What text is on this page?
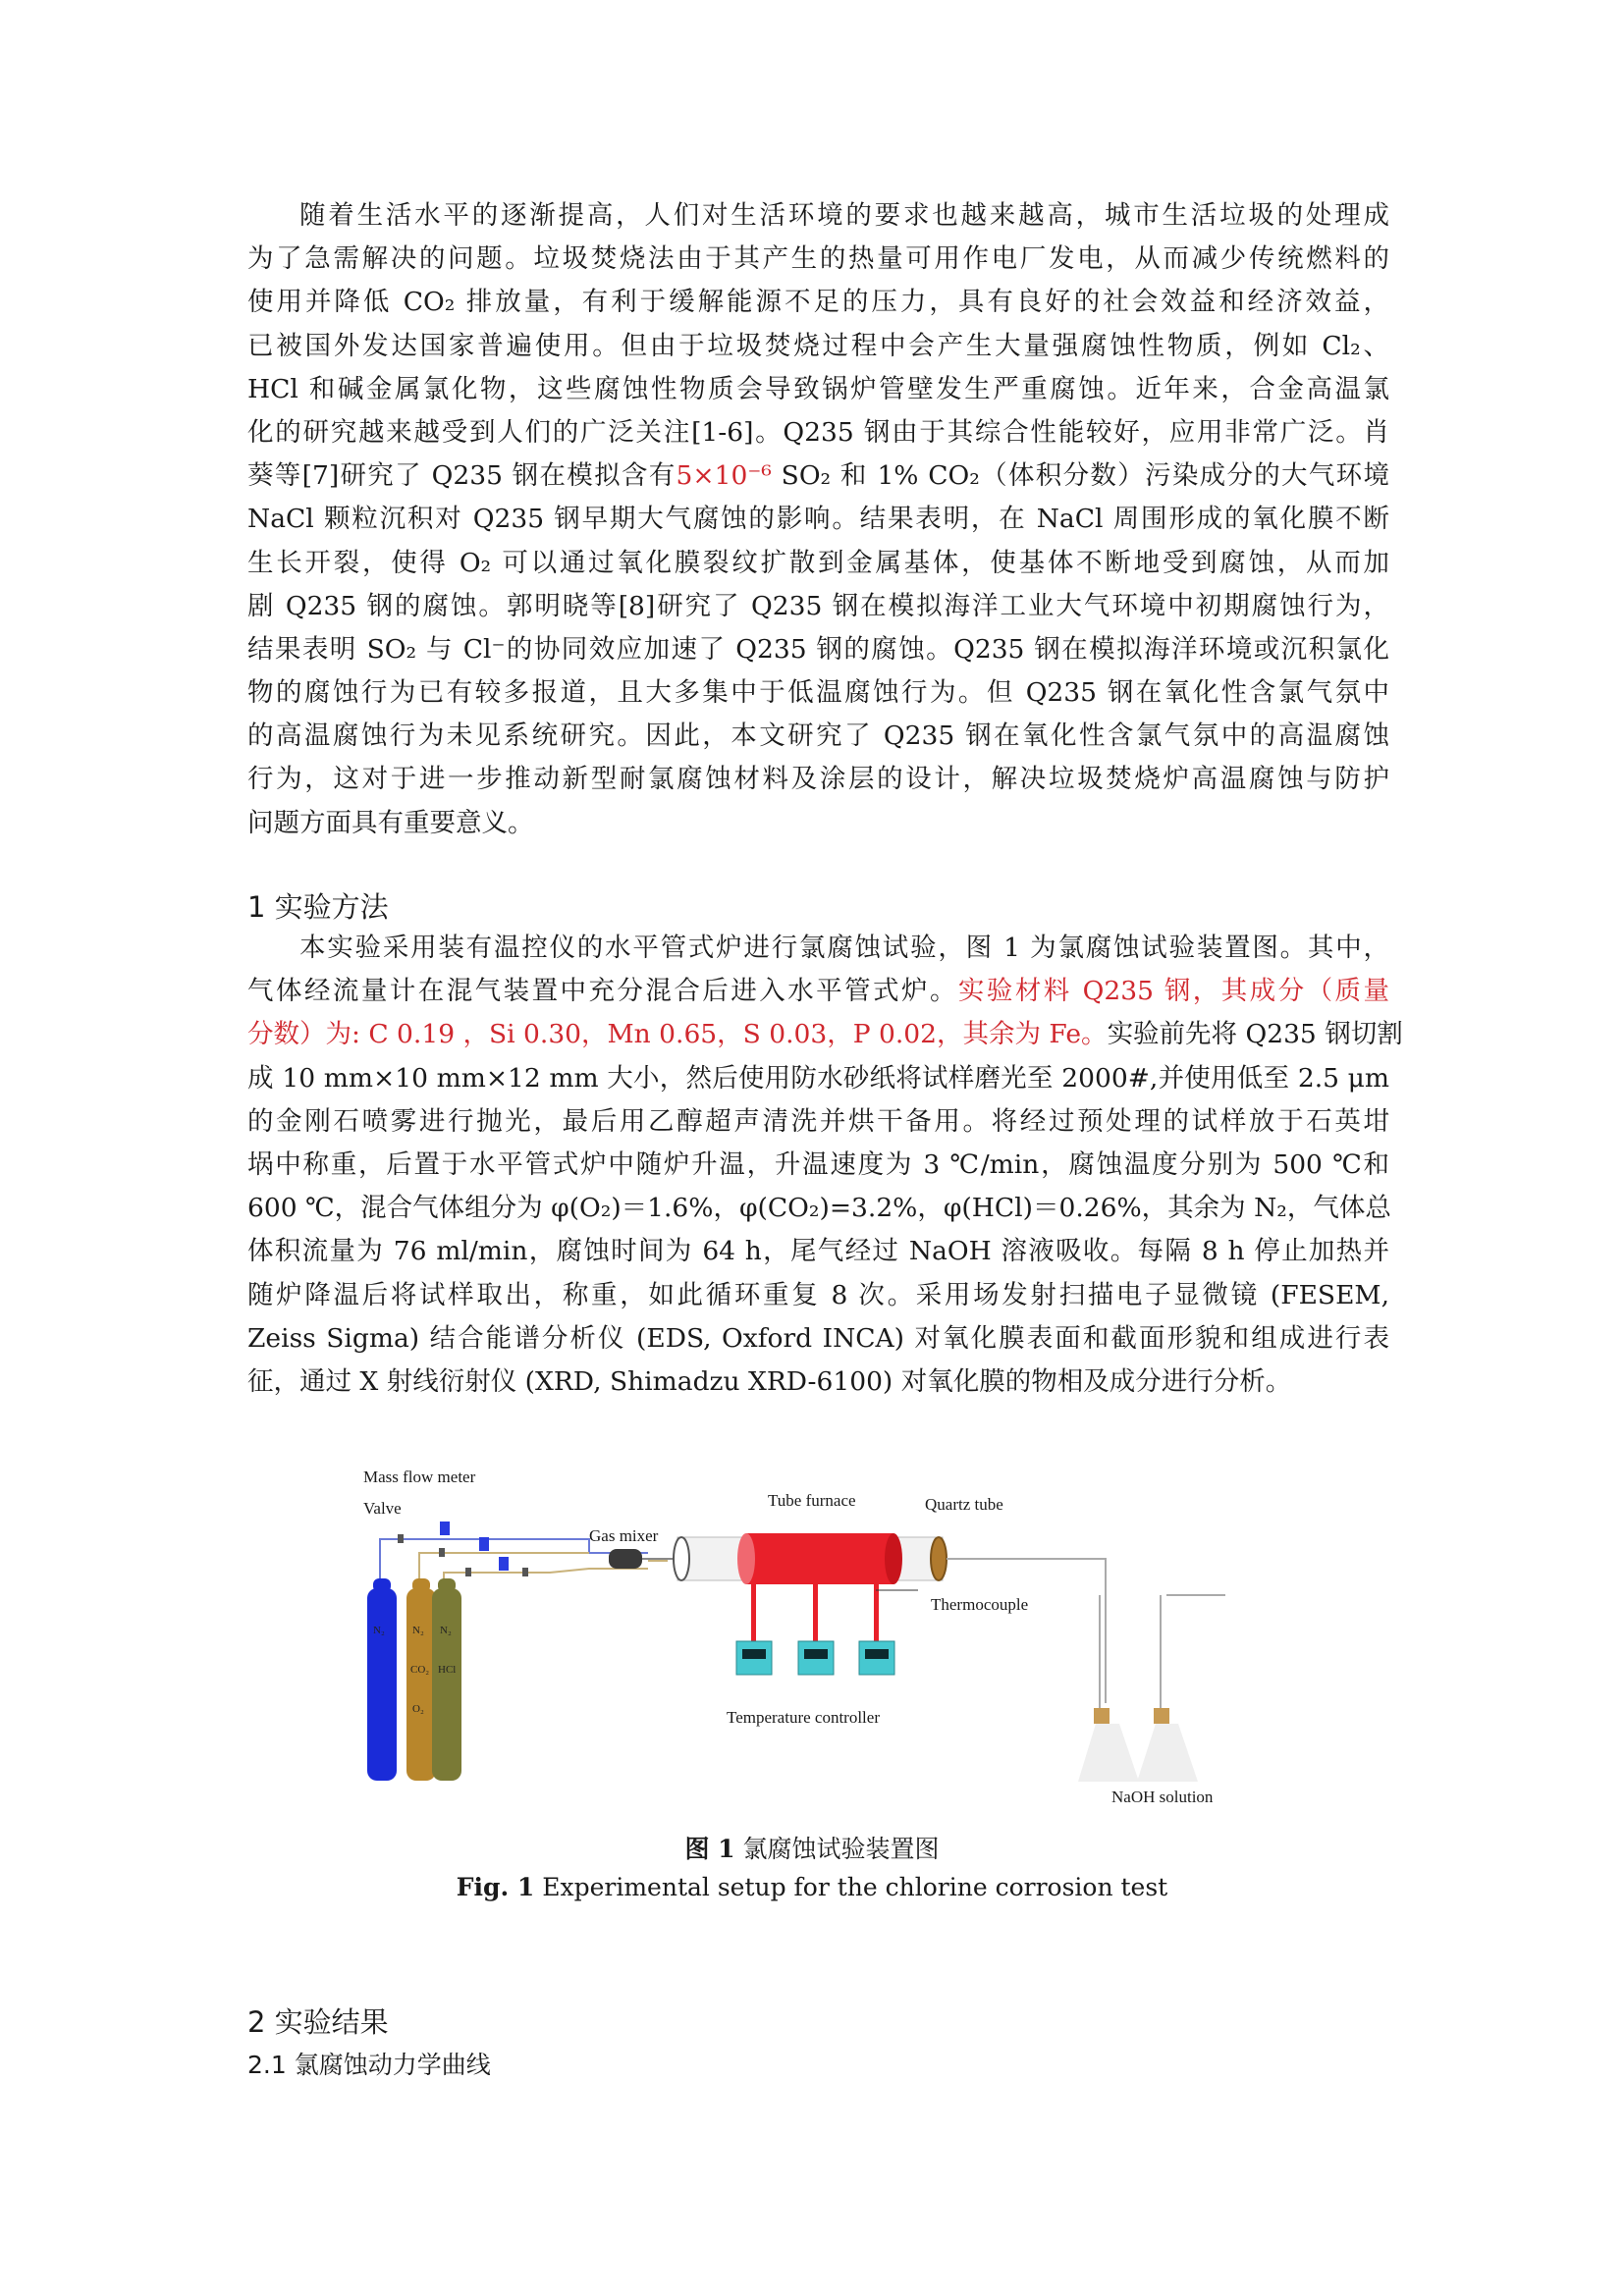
随着生活水平的逐渐提高，人们对生活环境的要求也越来越高，城市生活垃圾的处理成
为了急需解决的问题。垃圾焚烧法由于其产生的热量可用作电厂发电，从而减少传统燃料的
使用并降低 CO₂ 排放量，有利于缓解能源不足的压力，具有良好的社会效益和经济效益，
已被国外发达国家普遍使用。但由于垃圾焚烧过程中会产生大量强腐蚀性物质，例如 Cl₂、
HCl 和碱金属氯化物，这些腐蚀性物质会导致锅炉管壁发生严重腐蚀。近年来，合金高温氯
化的研究越来越受到人们的广泛关注[1-6]。Q235 钢由于其综合性能较好，应用非常广泛。肖
葵等[7]研究了 Q235 钢在模拟含有5×10⁻⁶ SO₂ 和 1% CO₂（体积分数）污染成分的大气环境
NaCl 颗粒沉积对 Q235 钢早期大气腐蚀的影响。结果表明，在 NaCl 周围形成的氧化膜不断
生长开裂，使得 O₂ 可以通过氧化膜裂纹扩散到金属基体，使基体不断地受到腐蚀，从而加
剧 Q235 钢的腐蚀。郭明晓等[8]研究了 Q235 钢在模拟海洋工业大气环境中初期腐蚀行为，
结果表明 SO₂ 与 Cl⁻的协同效应加速了 Q235 钢的腐蚀。Q235 钢在模拟海洋环境或沉积氯化
物的腐蚀行为已有较多报道，且大多集中于低温腐蚀行为。但 Q235 钢在氧化性含氯气氛中
的高温腐蚀行为未见系统研究。因此，本文研究了 Q235 钢在氧化性含氯气氛中的高温腐蚀
行为，这对于进一步推动新型耐氯腐蚀材料及涂层的设计，解决垃圾焚烧炉高温腐蚀与防护
问题方面具有重要意义。
1 实验方法
本实验采用装有温控仪的水平管式炉进行氯腐蚀试验，图 1 为氯腐蚀试验装置图。其中，
气体经流量计在混气装置中充分混合后进入水平管式炉。实验材料 Q235 钢，其成分（质量
分数）为: C 0.19 ，Si 0.30，Mn 0.65，S 0.03，P 0.02，其余为 Fe。实验前先将 Q235 钢切割
成 10 mm×10 mm×12 mm 大小，然后使用防水砂纸将试样磨光至 2000#,并使用低至 2.5 μm
的金刚石喷雾进行抛光，最后用乙醇超声清洗并烘干备用。将经过预处理的试样放于石英坩
埚中称重，后置于水平管式炉中随炉升温，升温速度为 3 ℃/min，腐蚀温度分别为 500 ℃和
600 ℃，混合气体组分为 φ(O₂)＝1.6%，φ(CO₂)=3.2%，φ(HCl)＝0.26%，其余为 N₂，气体总
体积流量为 76 ml/min，腐蚀时间为 64 h，尾气经过 NaOH 溶液吸收。每隔 8 h 停止加热并
随炉降温后将试样取出，称重，如此循环重复 8 次。采用场发射扫描电子显微镜 (FESEM,
Zeiss Sigma) 结合能谱分析仪 (EDS, Oxford INCA) 对氧化膜表面和截面形貌和组成进行表
征，通过 X 射线衍射仪 (XRD, Shimadzu XRD-6100) 对氧化膜的物相及成分进行分析。
Mass flow meter
Valve
Gas mixer
Tube furnace	Quartz tube
Thermocouple
Temperature controller
NaOH solution
N₂	N₂
CO₂
O₂
N₂
HCl
图 1 氯腐蚀试验装置图
Fig. 1 Experimental setup for the chlorine corrosion test
2 实验结果
2.1 氯腐蚀动力学曲线
